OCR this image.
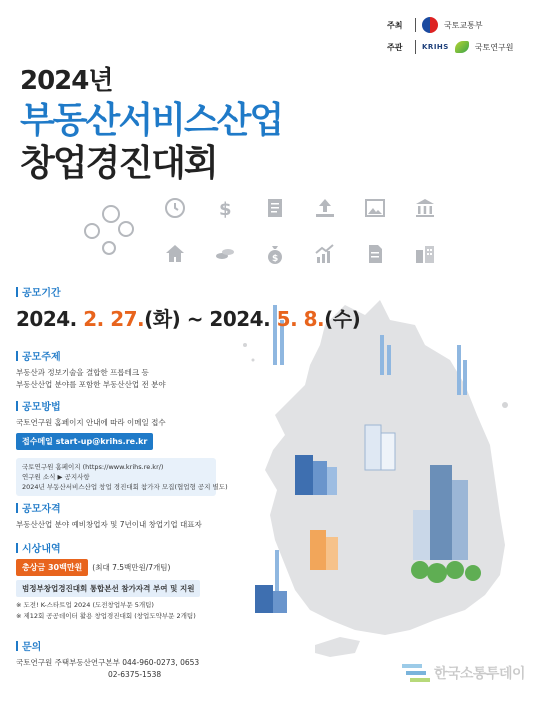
주최	국토교통부
주관	KRIHS	국토연구원
2024년
부동산서비스산업
창업경진대회
$
$
공모기간
2024. 2. 27.(화) ~ 2024. 5. 8.(수)
공모주제
부동산과 정보기술을 결합한 프롭테크 등
부동산산업 분야를 포함한 부동산산업 전 분야
공모방법
국토연구원 홈페이지 안내에 따라 이메일 접수
접수메일 start-up@krihs.re.kr
국토연구원 홈페이지 (https://www.krihs.re.kr/)
연구원 소식 ▶ 공지사항
2024년 부동산서비스산업 창업 경진대회 참가자 모집(협업형 공지 별도)
공모자격
부동산산업 분야 예비창업자 및 7년이내 창업기업 대표자
시상내역
총상금 30백만원	(최대 7.5백만원/7개팀)
범정부창업경진대회 통합본선 참가자격 부여 및 지원
※ 도전! K-스타트업 2024 (도전창업부문 5개팀)
※ 제12회 공공데이터 활용 창업경진대회 (창업도약부문 2개팀)
문의
국토연구원 주택부동산연구본부 044-960-0273, 0653
02-6375-1538	한국소통투데이
